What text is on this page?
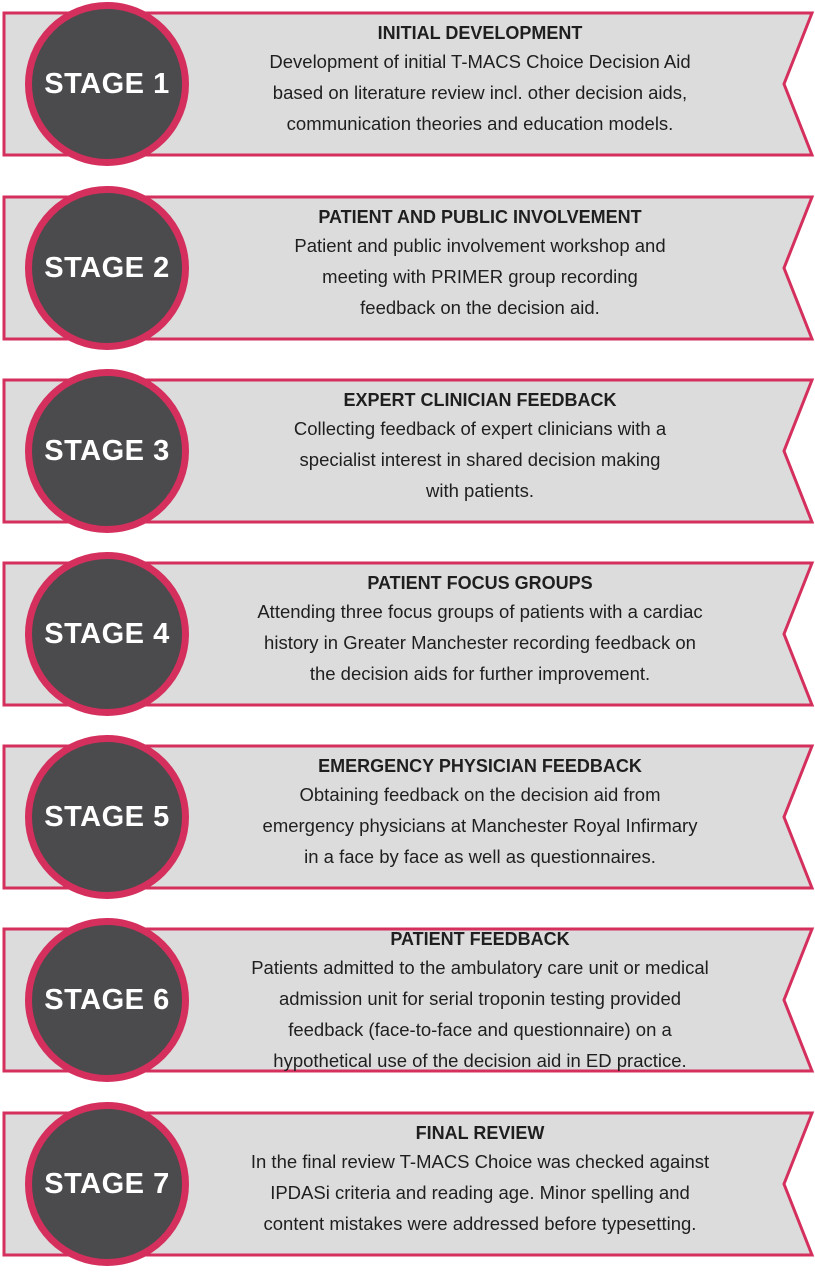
STAGE 1
INITIAL DEVELOPMENT
Development of initial T-MACS Choice Decision Aid
based on literature review incl. other decision aids,
communication theories and education models.
STAGE 2
PATIENT AND PUBLIC INVOLVEMENT
Patient and public involvement workshop and
meeting with PRIMER group recording
feedback on the decision aid.
STAGE 3
EXPERT CLINICIAN FEEDBACK
Collecting feedback of expert clinicians with a
specialist interest in shared decision making
with patients.
STAGE 4
PATIENT FOCUS GROUPS
Attending three focus groups of patients with a cardiac
history in Greater Manchester recording feedback on
the decision aids for further improvement.
STAGE 5
EMERGENCY PHYSICIAN FEEDBACK
Obtaining feedback on the decision aid from
emergency physicians at Manchester Royal Infirmary
in a face by face as well as questionnaires.
STAGE 6
PATIENT FEEDBACK
Patients admitted to the ambulatory care unit or medical
admission unit for serial troponin testing provided
feedback (face-to-face and questionnaire) on a
hypothetical use of the decision aid in ED practice.
STAGE 7
FINAL REVIEW
In the final review T-MACS Choice was checked against
IPDASi criteria and reading age. Minor spelling and
content mistakes were addressed before typesetting.
